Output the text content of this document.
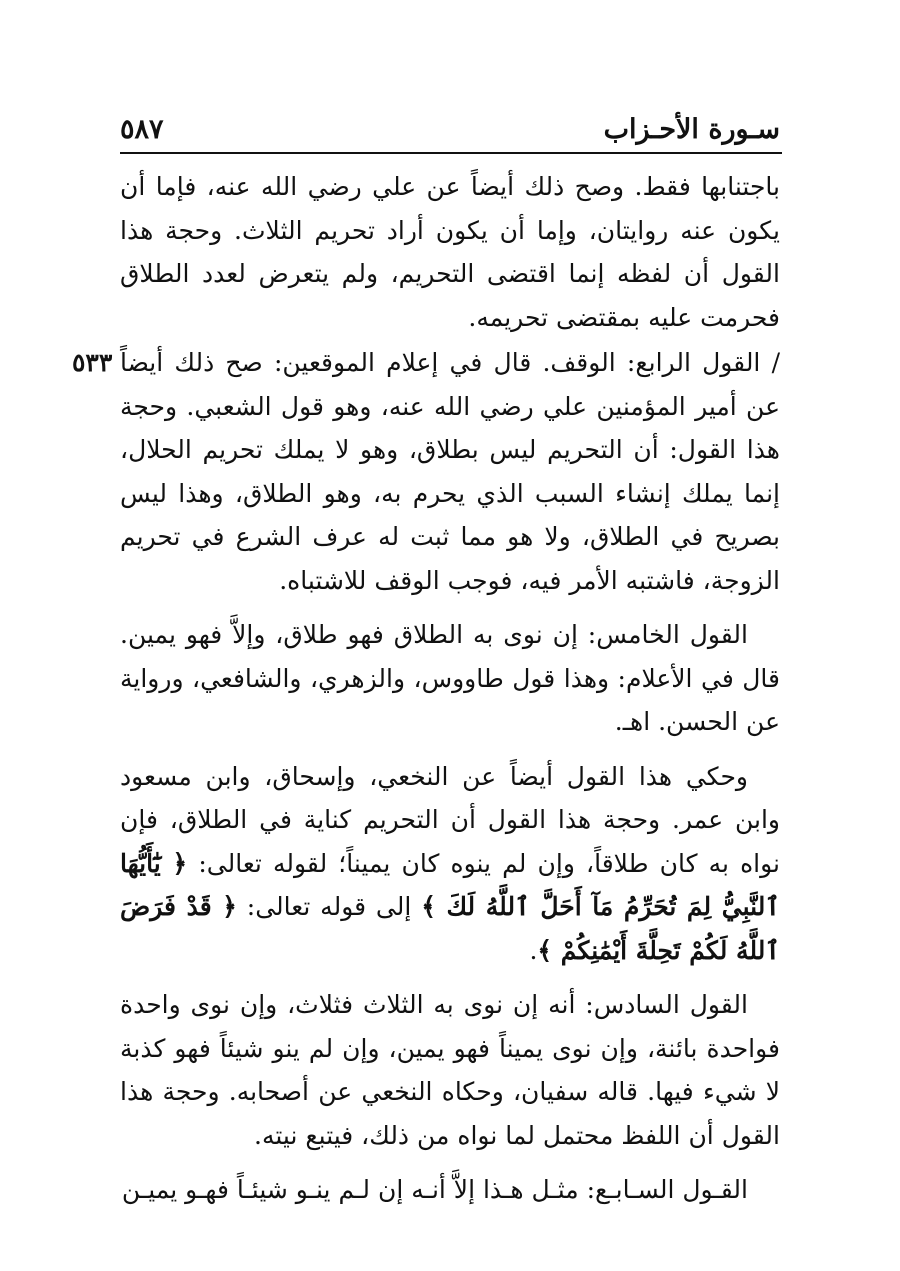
سـورة الأحـزاب
٥٨٧

باجتنابها فقط. وصح ذلك أيضاً عن علي رضي الله عنه، فإما أن يكون عنه روايتان، وإما أن يكون أراد تحريم الثلاث. وحجة هذا القول أن لفظه إنما اقتضى التحريم، ولم يتعرض لعدد الطلاق فحرمت عليه بمقتضى تحريمه.

٥٣٣ / القول الرابع: الوقف. قال في إعلام الموقعين: صح ذلك أيضاً عن أمير المؤمنين علي رضي الله عنه، وهو قول الشعبي. وحجة هذا القول: أن التحريم ليس بطلاق، وهو لا يملك تحريم الحلال، إنما يملك إنشاء السبب الذي يحرم به، وهو الطلاق، وهذا ليس بصريح في الطلاق، ولا هو مما ثبت له عرف الشرع في تحريم الزوجة، فاشتبه الأمر فيه، فوجب الوقف للاشتباه.

القول الخامس: إن نوى به الطلاق فهو طلاق، وإلاَّ فهو يمين. قال في الأعلام: وهذا قول طاووس، والزهري، والشافعي، ورواية عن الحسن. اهـ.

وحكي هذا القول أيضاً عن النخعي، وإسحاق، وابن مسعود وابن عمر. وحجة هذا القول أن التحريم كناية في الطلاق، فإن نواه به كان طلاقاً، وإن لم ينوه كان يميناً؛ لقوله تعالى: ﴿ يَٰٓأَيُّهَا ٱلنَّبِيُّ لِمَ تُحَرِّمُ مَآ أَحَلَّ ٱللَّهُ لَكَ ﴾ إلى قوله تعالى: ﴿ قَدْ فَرَضَ ٱللَّهُ لَكُمْ تَحِلَّةَ أَيْمَٰنِكُمْ ﴾.

القول السادس: أنه إن نوى به الثلاث فثلاث، وإن نوى واحدة فواحدة بائنة، وإن نوى يميناً فهو يمين، وإن لم ينو شيئاً فهو كذبة لا شيء فيها. قاله سفيان، وحكاه النخعي عن أصحابه. وحجة هذا القول أن اللفظ محتمل لما نواه من ذلك، فيتبع نيته.

القـول السـابـع: مثـل هـذا إلاَّ أنـه إن لـم ينـو شيئـاً فهـو يميـن
